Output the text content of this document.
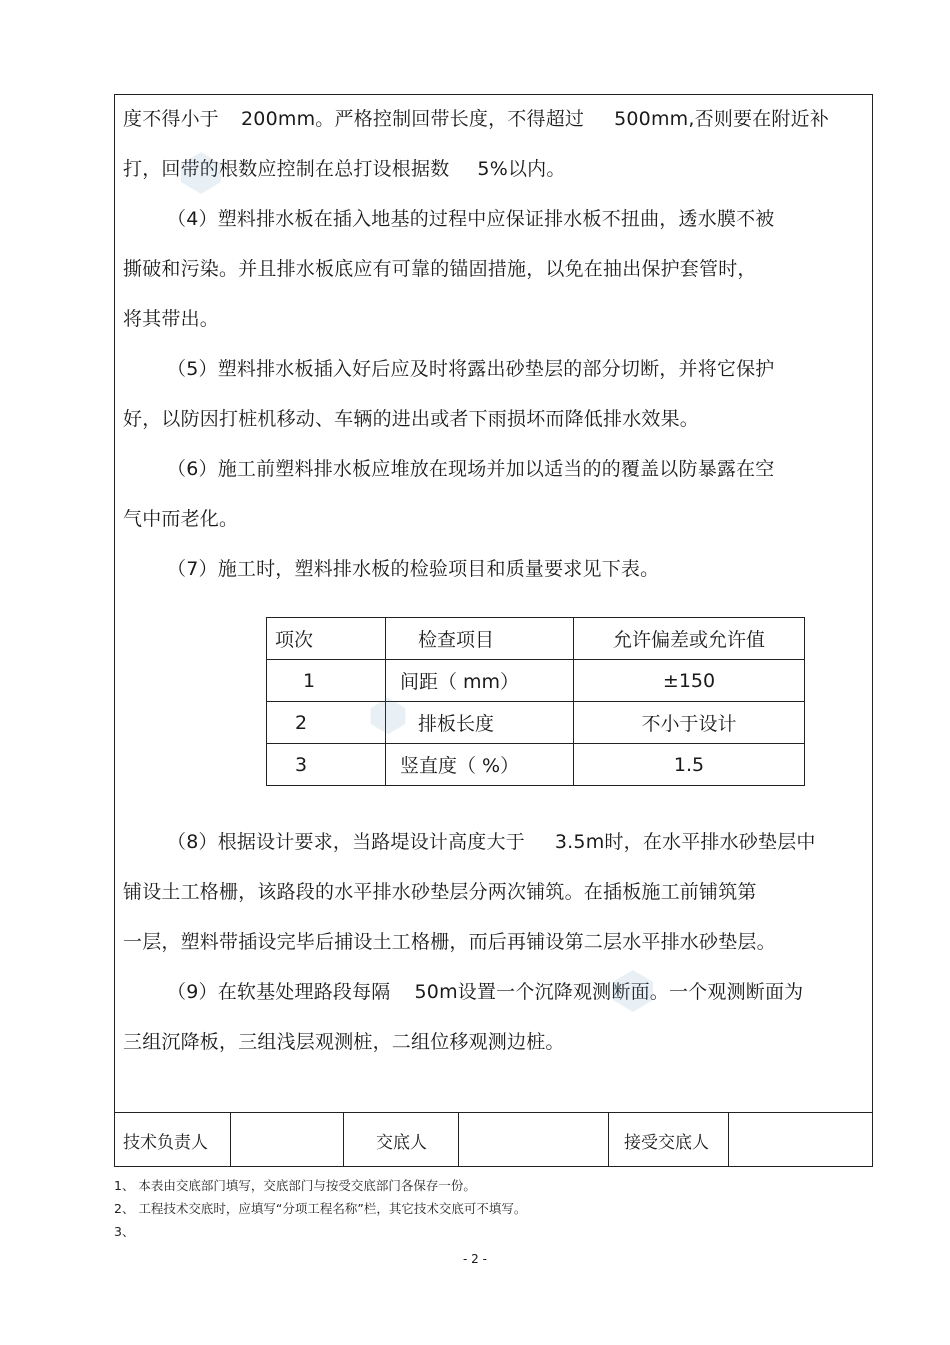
度不得小于 200mm。严格控制回带长度，不得超过 500mm,否则要在附近补
打，回带的根数应控制在总打设根据数 5%以内。
（4）塑料排水板在插入地基的过程中应保证排水板不扭曲，透水膜不被
撕破和污染。并且排水板底应有可靠的锚固措施，以免在抽出保护套管时，
将其带出。
（5）塑料排水板插入好后应及时将露出砂垫层的部分切断，并将它保护
好，以防因打桩机移动、车辆的进出或者下雨损坏而降低排水效果。
（6）施工前塑料排水板应堆放在现场并加以适当的的覆盖以防暴露在空
气中而老化。
（7）施工时，塑料排水板的检验项目和质量要求见下表。
项次	检查项目	允许偏差或允许值
1	间距（ mm）	±150
2	排板长度	不小于设计
3	竖直度（ %）	1.5
（8）根据设计要求，当路堤设计高度大于 3.5m时，在水平排水砂垫层中
铺设土工格栅，该路段的水平排水砂垫层分两次铺筑。在插板施工前铺筑第
一层，塑料带插设完毕后捕设土工格栅，而后再铺设第二层水平排水砂垫层。
（9）在软基处理路段每隔 50m设置一个沉降观测断面。一个观测断面为
三组沉降板，三组浅层观测桩，二组位移观测边桩。
技术负责人	交底人	接受交底人
1、 本表由交底部门填写，交底部门与按受交底部门各保存一份。
2、 工程技术交底时，应填写“分项工程名称”栏，其它技术交底可不填写。
3、
- 2 -
